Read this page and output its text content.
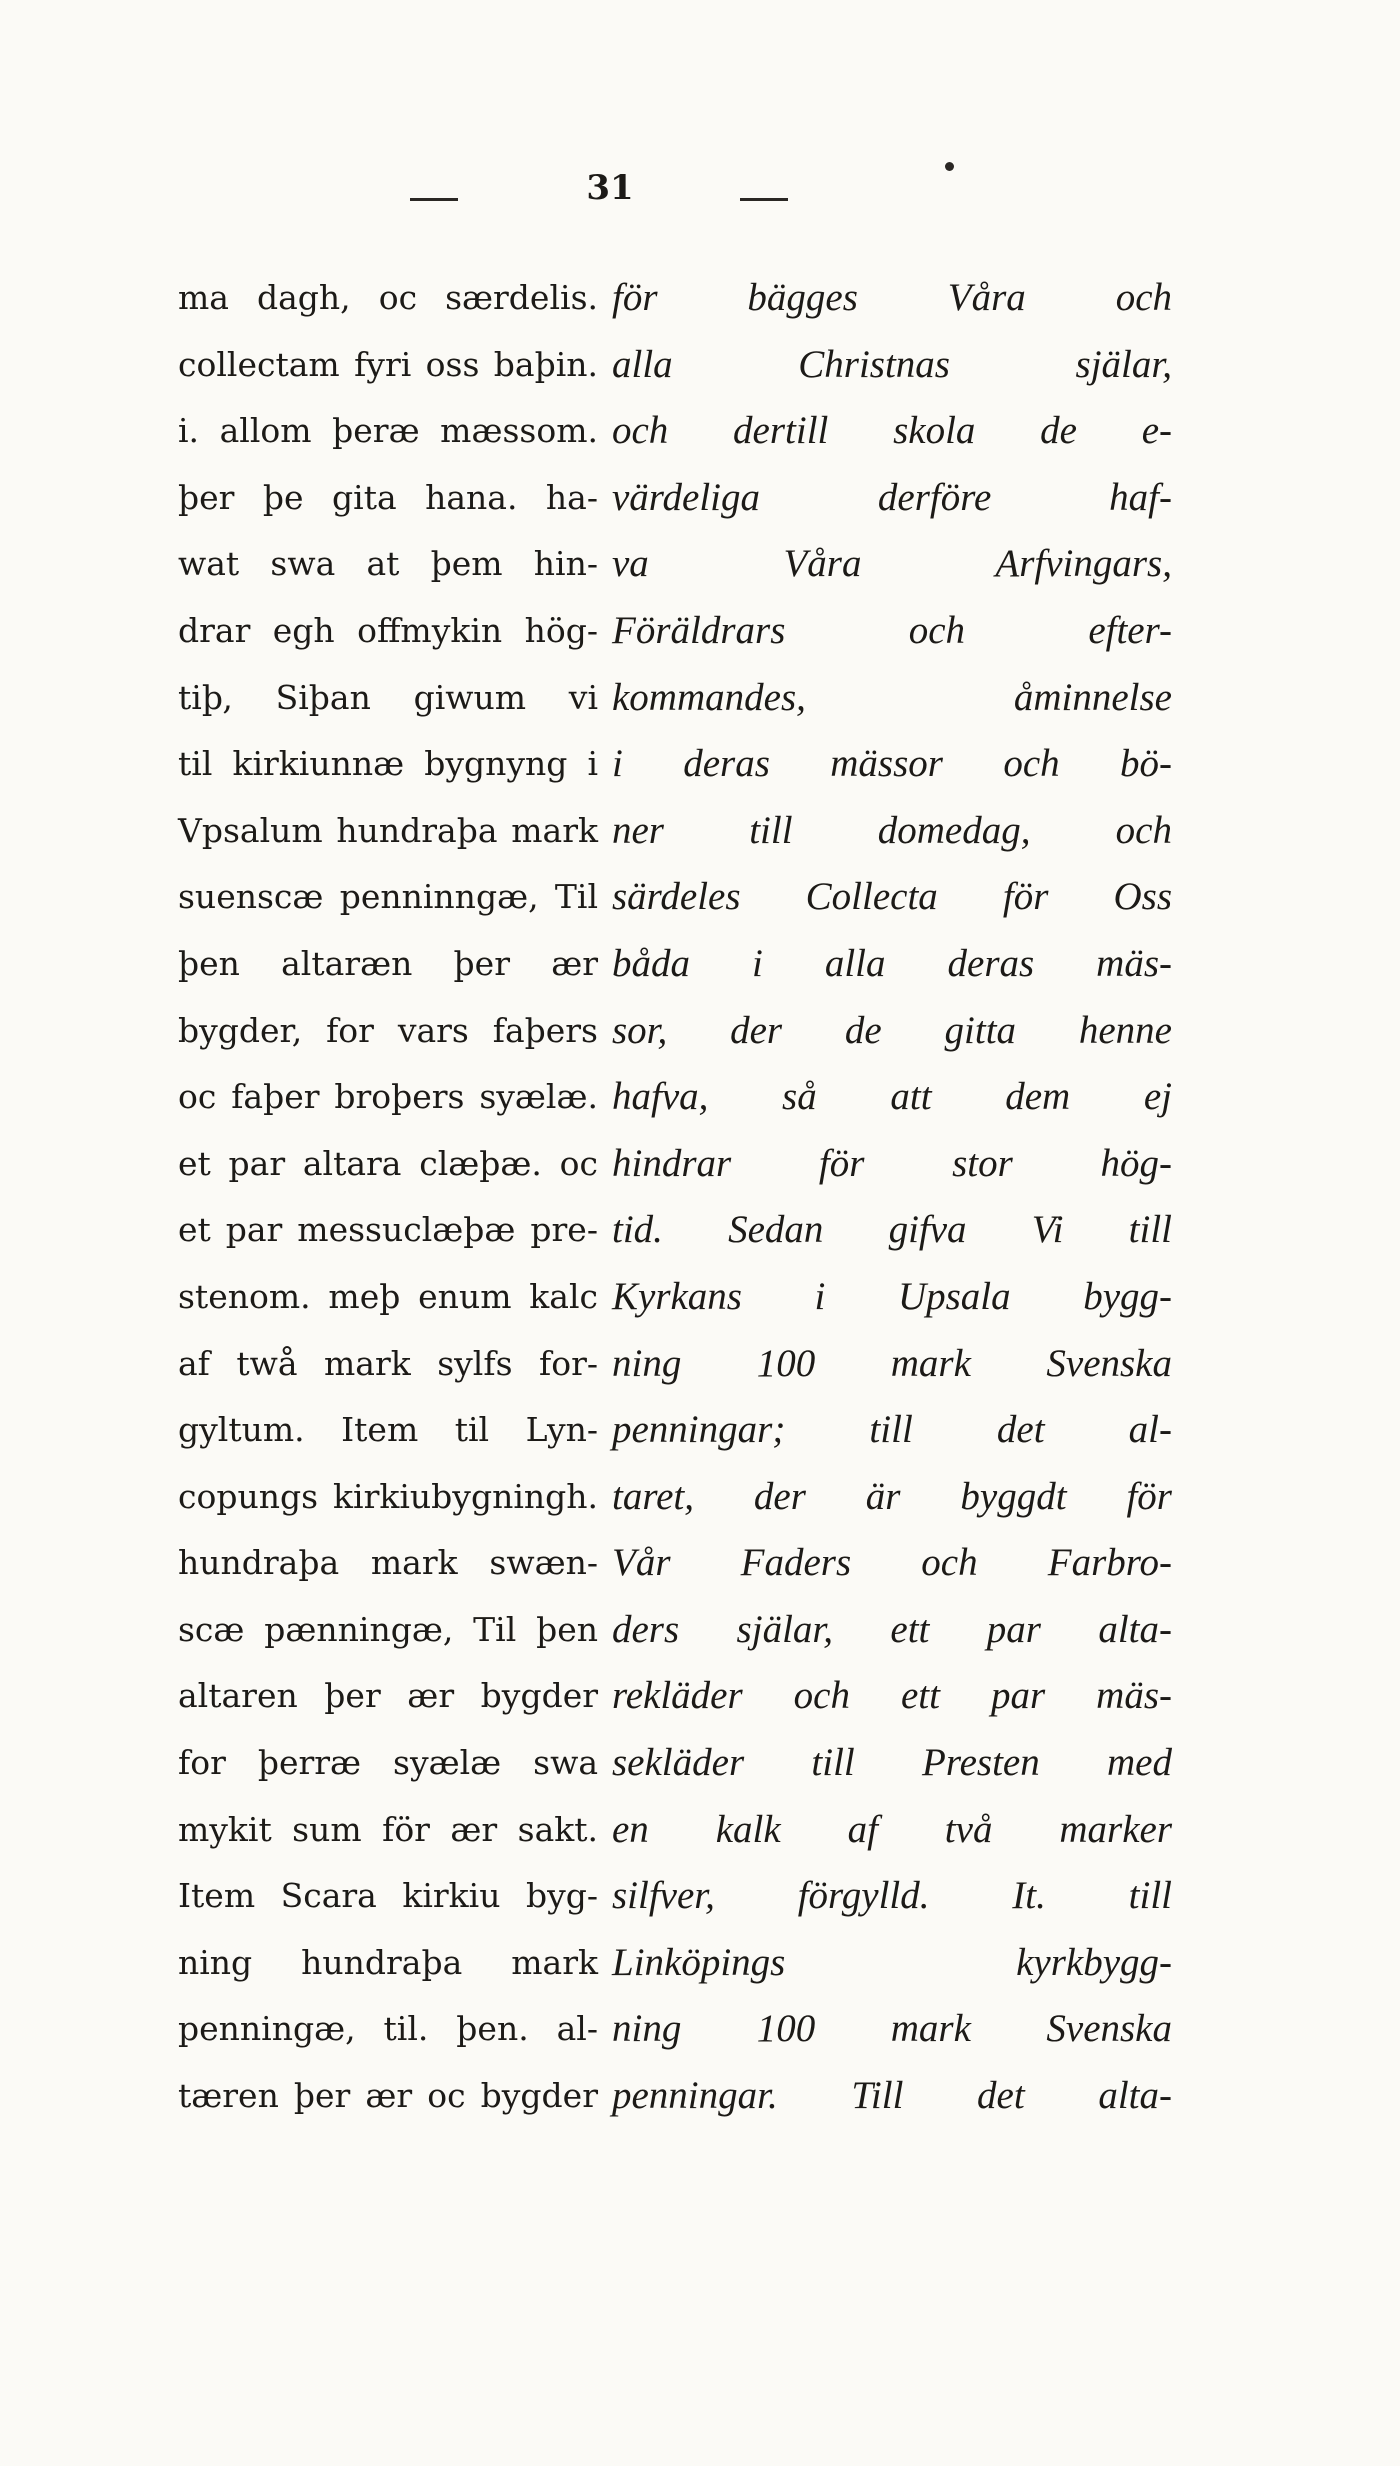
31
ma dagh, oc særdelis.
collectam fyri oss baþin.
i. allom þeræ mæssom.
þer þe gita hana. ha-
wat swa at þem hin-
drar egh offmykin hög-
tiþ, Siþan giwum vi
til kirkiunnæ bygnyng i
Vpsalum hundraþa mark
suenscæ penninngæ, Til
þen altaræn þer ær
bygder, for vars faþers
oc faþer broþers syælæ.
et par altara clæþæ. oc
et par messuclæþæ pre-
stenom. meþ enum kalc
af twå mark sylfs for-
gyltum. Item til Lyn-
copungs kirkiubygningh.
hundraþa mark swæn-
scæ pænningæ, Til þen
altaren þer ær bygder
for þerræ syælæ swa
mykit sum för ær sakt.
Item Scara kirkiu byg-
ning hundraþa mark
penningæ, til. þen. al-
tæren þer ær oc bygder
för bägges Våra och
alla Christnas själar,
och dertill skola de e-
värdeliga derföre haf-
va Våra Arfvingars,
Föräldrars och efter-
kommandes, åminnelse
i deras mässor och bö-
ner till domedag, och
särdeles Collecta för Oss
båda i alla deras mäs-
sor, der de gitta henne
hafva, så att dem ej
hindrar för stor hög-
tid. Sedan gifva Vi till
Kyrkans i Upsala bygg-
ning 100 mark Svenska
penningar; till det al-
taret, der är byggdt för
Vår Faders och Farbro-
ders själar, ett par alta-
rekläder och ett par mäs-
sekläder till Presten med
en kalk af två marker
silfver, förgylld. It. till
Linköpings kyrkbygg-
ning 100 mark Svenska
penningar. Till det alta-
